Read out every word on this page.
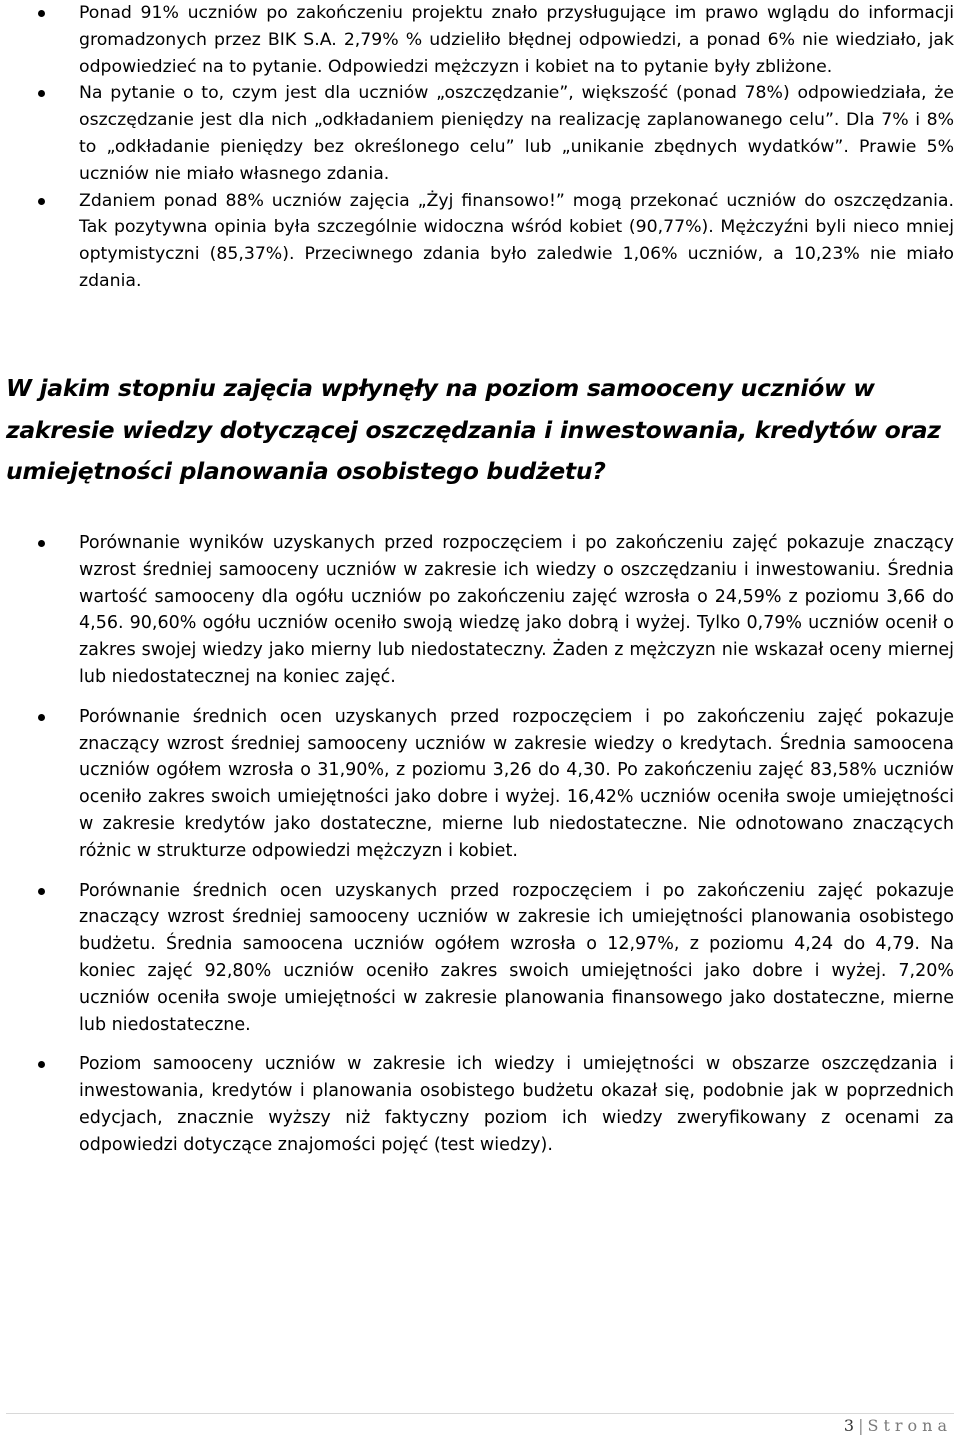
Ponad 91% uczniów po zakończeniu projektu znało przysługujące im prawo wglądu do informacji gromadzonych przez BIK S.A. 2,79% % udzieliło błędnej odpowiedzi, a ponad 6% nie wiedziało, jak odpowiedzieć na to pytanie. Odpowiedzi mężczyzn i kobiet na to pytanie były zbliżone.
Na pytanie o to, czym jest dla uczniów „oszczędzanie”, większość (ponad 78%) odpowiedziała, że oszczędzanie jest dla nich „odkładaniem pieniędzy na realizację zaplanowanego celu”. Dla 7% i 8% to „odkładanie pieniędzy bez określonego celu” lub „unikanie zbędnych wydatków”. Prawie 5% uczniów nie miało własnego zdania.
Zdaniem ponad 88% uczniów zajęcia „Żyj finansowo!” mogą przekonać uczniów do oszczędzania. Tak pozytywna opinia była szczególnie widoczna wśród kobiet (90,77%). Mężczyźni byli nieco mniej optymistyczni (85,37%). Przeciwnego zdania było zaledwie 1,06% uczniów, a 10,23% nie miało zdania.
W jakim stopniu zajęcia wpłynęły na poziom samooceny uczniów w zakresie wiedzy dotyczącej oszczędzania i inwestowania, kredytów oraz umiejętności planowania osobistego budżetu?
Porównanie wyników uzyskanych przed rozpoczęciem i po zakończeniu zajęć pokazuje znaczący wzrost średniej samooceny uczniów w zakresie ich wiedzy o oszczędzaniu i inwestowaniu. Średnia wartość samooceny dla ogółu uczniów po zakończeniu zajęć wzrosła o 24,59% z poziomu 3,66 do 4,56. 90,60% ogółu uczniów oceniło swoją wiedzę jako dobrą i wyżej. Tylko 0,79% uczniów ocenił o zakres swojej wiedzy jako mierny lub niedostateczny. Żaden z mężczyzn nie wskazał oceny miernej lub niedostatecznej na koniec zajęć.
Porównanie średnich ocen uzyskanych przed rozpoczęciem i po zakończeniu zajęć pokazuje znaczący wzrost średniej samooceny uczniów w zakresie wiedzy o kredytach. Średnia samoocena uczniów ogółem wzrosła o 31,90%, z poziomu 3,26 do 4,30. Po zakończeniu zajęć 83,58% uczniów oceniło zakres swoich umiejętności jako dobre i wyżej. 16,42% uczniów oceniła swoje umiejętności w zakresie kredytów jako dostateczne, mierne lub niedostateczne. Nie odnotowano znaczących różnic w strukturze odpowiedzi mężczyzn i kobiet.
Porównanie średnich ocen uzyskanych przed rozpoczęciem i po zakończeniu zajęć pokazuje znaczący wzrost średniej samooceny uczniów w zakresie ich umiejętności planowania osobistego budżetu. Średnia samoocena uczniów ogółem wzrosła o 12,97%, z poziomu 4,24 do 4,79. Na koniec zajęć 92,80% uczniów oceniło zakres swoich umiejętności jako dobre i wyżej. 7,20% uczniów oceniła swoje umiejętności w zakresie planowania finansowego jako dostateczne, mierne lub niedostateczne.
Poziom samooceny uczniów w zakresie ich wiedzy i umiejętności w obszarze oszczędzania i inwestowania, kredytów i planowania osobistego budżetu okazał się, podobnie jak w poprzednich edycjach, znacznie wyższy niż faktyczny poziom ich wiedzy zweryfikowany z ocenami za odpowiedzi dotyczące znajomości pojęć (test wiedzy).
3 | Strona
